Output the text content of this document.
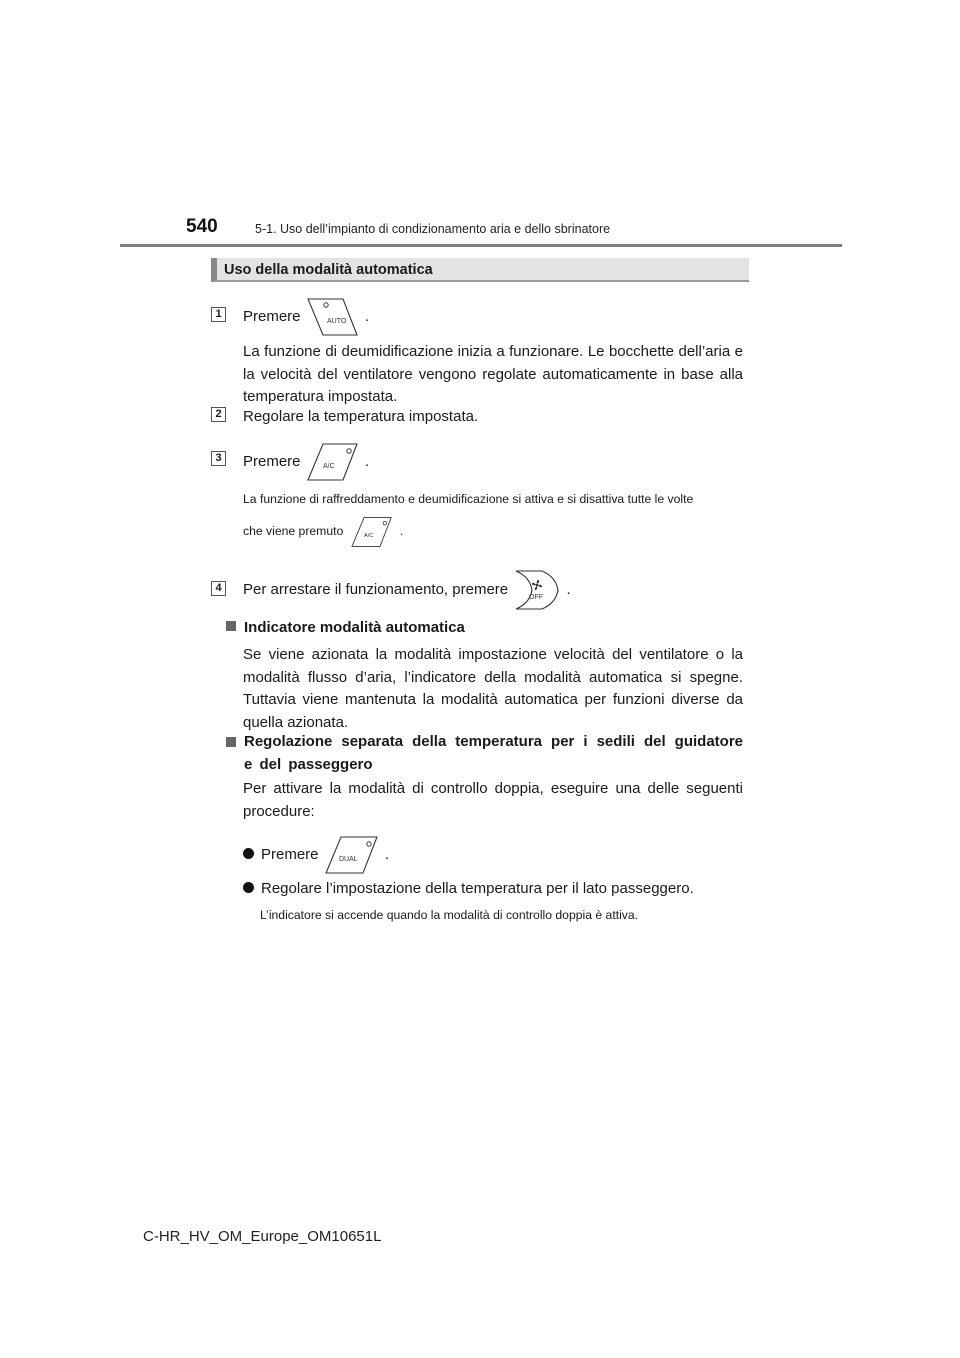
540	5-1. Uso dell’impianto di condizionamento aria e dello sbrinatore
Uso della modalità automatica
1 Premere	AUTO .
La funzione di deumidificazione inizia a funzionare. Le bocchette dell’aria e la velocità del ventilatore vengono regolate automaticamente in base alla temperatura impostata.
2 Regolare la temperatura impostata.
3 Premere	A/C .
La funzione di raffreddamento e deumidificazione si attiva e si disattiva tutte le volte
che viene premuto A/C .
4 Per arrestare il funzionamento, premere	OFF .
Indicatore modalità automatica
Se viene azionata la modalità impostazione velocità del ventilatore o la modalità flusso d’aria, l’indicatore della modalità automatica si spegne. Tuttavia viene mantenuta la modalità automatica per funzioni diverse da quella azionata.
Regolazione separata della temperatura per i sedili del guidatore e del passeggero
Per attivare la modalità di controllo doppia, eseguire una delle seguenti procedure:
Premere	DUAL .
Regolare l’impostazione della temperatura per il lato passeggero.
L’indicatore si accende quando la modalità di controllo doppia è attiva.
C-HR_HV_OM_Europe_OM10651L
